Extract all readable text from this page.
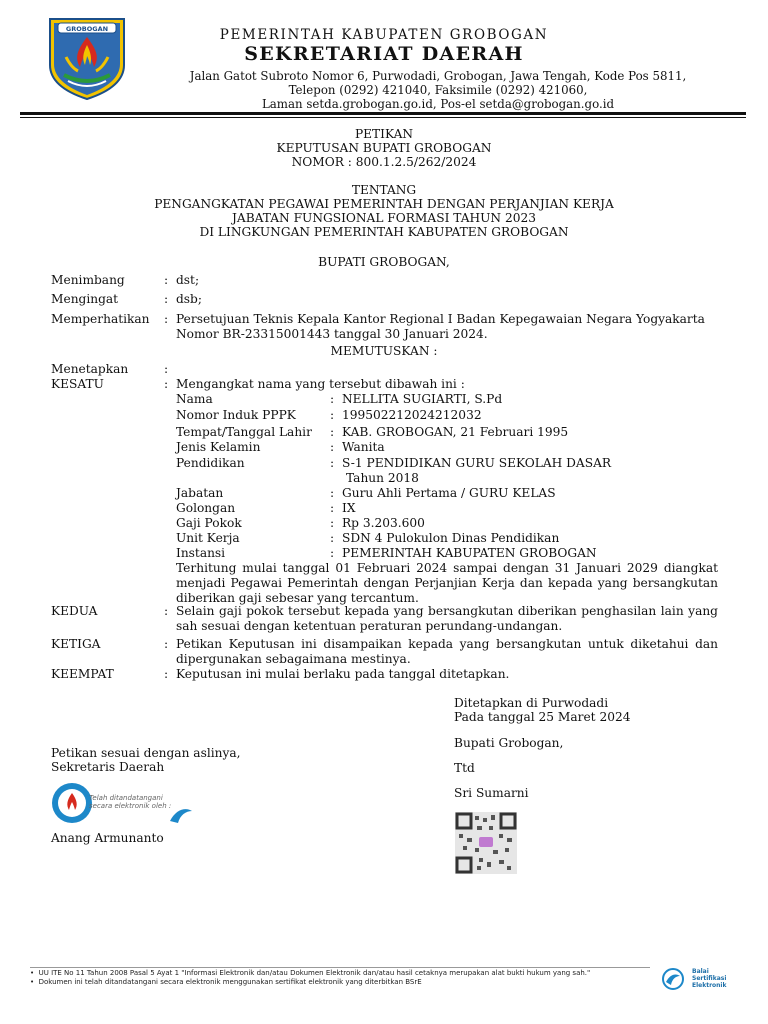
GROBOGAN	PEMERINTAH KABUPATEN GROBOGAN
SEKRETARIAT DAERAH
Jalan Gatot Subroto Nomor 6, Purwodadi, Grobogan, Jawa Tengah, Kode Pos 5811,
Telepon (0292) 421040, Faksimile (0292) 421060,
Laman setda.grobogan.go.id, Pos-el setda@grobogan.go.id
PETIKAN
KEPUTUSAN BUPATI GROBOGAN
NOMOR : 800.1.2.5/262/2024
TENTANG
PENGANGKATAN PEGAWAI PEMERINTAH DENGAN PERJANJIAN KERJA
JABATAN FUNGSIONAL FORMASI TAHUN 2023
DI LINGKUNGAN PEMERINTAH KABUPATEN GROBOGAN
BUPATI GROBOGAN,
Menimbang	: dst;
Mengingat	: dsb;
Memperhatikan : Persetujuan Teknis Kepala Kantor Regional I Badan Kepegawaian Negara Yogyakarta
Nomor BR-23315001443 tanggal 30 Januari 2024.
MEMUTUSKAN :
Menetapkan	:
KESATU	: Mengangkat nama yang tersebut dibawah ini :
Nama	: NELLITA SUGIARTI, S.Pd
Nomor Induk PPPK	: 199502212024212032
Tempat/Tanggal Lahir : KAB. GROBOGAN, 21 Februari 1995
Jenis Kelamin	: Wanita
Pendidikan	: S-1 PENDIDIKAN GURU SEKOLAH DASAR
Tahun 2018
Jabatan	: Guru Ahli Pertama / GURU KELAS
Golongan	: IX
Gaji Pokok	: Rp 3.203.600
Unit Kerja	: SDN 4 Pulokulon Dinas Pendidikan
Instansi	: PEMERINTAH KABUPATEN GROBOGAN
Terhitung mulai tanggal 01 Februari 2024 sampai dengan 31 Januari 2029 diangkat menjadi Pegawai Pemerintah dengan Perjanjian Kerja dan kepada yang bersangkutan diberikan gaji sebesar yang tercantum.
KEDUA	: Selain gaji pokok tersebut kepada yang bersangkutan diberikan penghasilan lain yang sah sesuai dengan ketentuan peraturan perundang-undangan.
KETIGA	: Petikan Keputusan ini disampaikan kepada yang bersangkutan untuk diketahui dan dipergunakan sebagaimana mestinya.
KEEMPAT	: Keputusan ini mulai berlaku pada tanggal ditetapkan.
Ditetapkan di Purwodadi
Pada tanggal 25 Maret 2024
Bupati Grobogan,
Ttd
Sri Sumarni
Petikan sesuai dengan aslinya,
Sekretaris Daerah
Telah ditandatangani
secara elektronik oleh :
Anang Armunanto
•  UU ITE No 11 Tahun 2008 Pasal 5 Ayat 1 "Informasi Elektronik dan/atau Dokumen Elektronik dan/atau hasil cetaknya merupakan alat bukti hukum yang sah."
•  Dokumen ini telah ditandatangani secara elektronik menggunakan sertifikat elektronik yang diterbitkan BSrE
Balai
Sertifikasi
Elektronik
